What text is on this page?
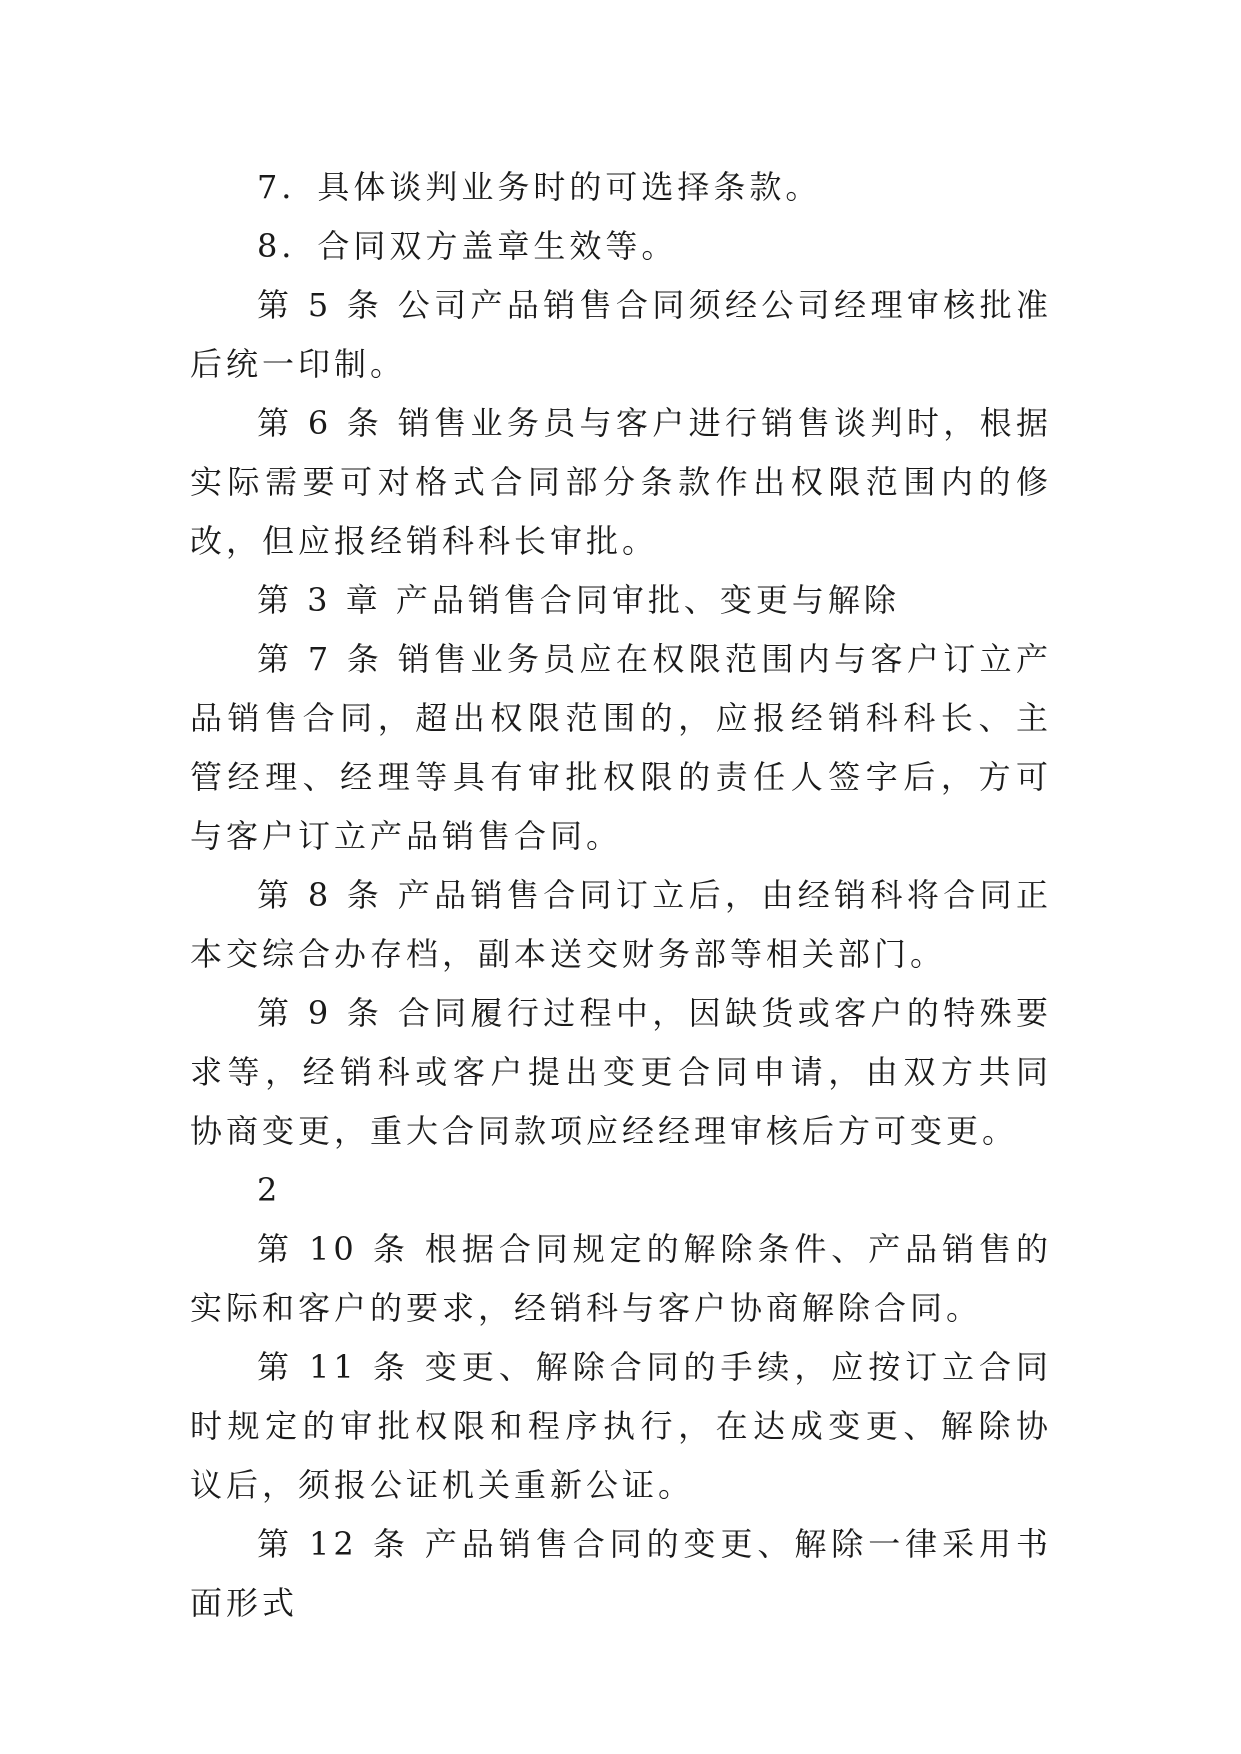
7．具体谈判业务时的可选择条款。

8．合同双方盖章生效等。

第 5 条 公司产品销售合同须经公司经理审核批准后统一印制。

第 6 条 销售业务员与客户进行销售谈判时，根据实际需要可对格式合同部分条款作出权限范围内的修改，但应报经销科科长审批。

第 3 章 产品销售合同审批、变更与解除

第 7 条 销售业务员应在权限范围内与客户订立产品销售合同，超出权限范围的，应报经销科科长、主管经理、经理等具有审批权限的责任人签字后，方可与客户订立产品销售合同。

第 8 条 产品销售合同订立后，由经销科将合同正本交综合办存档，副本送交财务部等相关部门。

第 9 条 合同履行过程中，因缺货或客户的特殊要求等，经销科或客户提出变更合同申请，由双方共同协商变更，重大合同款项应经经理审核后方可变更。

2

第 10 条 根据合同规定的解除条件、产品销售的实际和客户的要求，经销科与客户协商解除合同。

第 11 条 变更、解除合同的手续，应按订立合同时规定的审批权限和程序执行，在达成变更、解除协议后，须报公证机关重新公证。

第 12 条 产品销售合同的变更、解除一律采用书面形式
